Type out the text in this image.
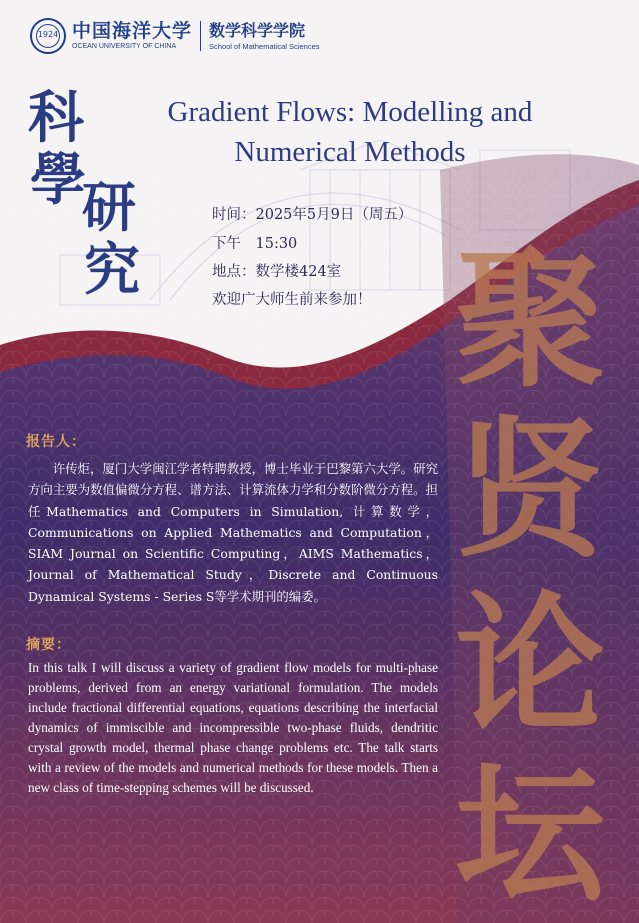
1924 中国海洋大学
OCEAN UNIVERSITY OF CHINA
数学科学学院
School of Mathematical Sciences
科
學
研
究
Gradient Flows: Modelling and
Numerical Methods
时间：2025年5月9日（周五）
下午　15:30
地点：数学楼424室
欢迎广大师生前来参加！ 聚
贤
论
坛
报告人：
许传炬，厦门大学闽江学者特聘教授，博士毕业于巴黎第六大学。研究方向主要为数值偏微分方程、谱方法、计算流体力学和分数阶微分方程。担任Mathematics and Computers in Simulation, 计算数学，Communications on Applied Mathematics and Computation，SIAM Journal on Scientific Computing，AIMS Mathematics，Journal of Mathematical Study，Discrete and Continuous Dynamical Systems - Series S等学术期刊的编委。
摘要：
In this talk I will discuss a variety of gradient flow models for multi-phase problems, derived from an energy variational formulation. The models include fractional differential equations, equations describing the interfacial dynamics of immiscible and incompressible two-phase fluids, dendritic crystal growth model, thermal phase change problems etc. The talk starts with a review of the models and numerical methods for these models. Then a new class of time-stepping schemes will be discussed.
